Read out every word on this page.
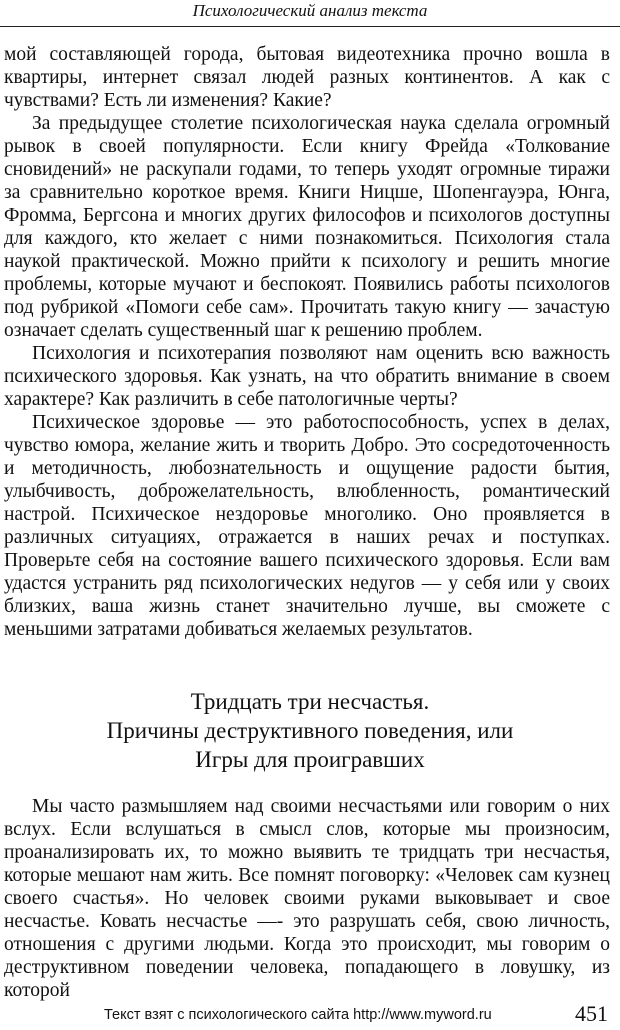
Психологический анализ текста

мой составляющей города, бытовая видеотехника прочно вошла в квартиры, интернет связал людей разных континентов. А как с чувствами? Есть ли изменения? Какие?

За предыдущее столетие психологическая наука сделала огромный рывок в своей популярности. Если книгу Фрейда «Толкование сновидений» не раскупали годами, то теперь уходят огромные тиражи за сравнительно короткое время. Книги Ницше, Шопенгауэра, Юнга, Фромма, Бергсона и многих других философов и психологов доступны для каждого, кто желает с ними познакомиться. Психология стала наукой практической. Можно прийти к психологу и решить многие проблемы, которые мучают и беспокоят. Появились работы психологов под рубрикой «Помоги себе сам». Прочитать такую книгу — зачастую означает сделать существенный шаг к решению проблем.

Психология и психотерапия позволяют нам оценить всю важность психического здоровья. Как узнать, на что обратить внимание в своем характере? Как различить в себе патологичные черты?

Психическое здоровье — это работоспособность, успех в делах, чувство юмора, желание жить и творить Добро. Это сосредоточенность и методичность, любознательность и ощущение радости бытия, улыбчивость, доброжелательность, влюбленность, романтический настрой. Психическое нездоровье многолико. Оно проявляется в различных ситуациях, отражается в наших речах и поступках. Проверьте себя на состояние вашего психического здоровья. Если вам удастся устранить ряд психологических недугов — у себя или у своих близких, ваша жизнь станет значительно лучше, вы сможете с меньшими затратами добиваться желаемых результатов.

Тридцать три несчастья.
Причины деструктивного поведения, или
Игры для проигравших

Мы часто размышляем над своими несчастьями или говорим о них вслух. Если вслушаться в смысл слов, которые мы произносим, проанализировать их, то можно выявить те тридцать три несчастья, которые мешают нам жить. Все помнят поговорку: «Человек сам кузнец своего счастья». Но человек своими руками выковывает и свое несчастье. Ковать несчастье —- это разрушать себя, свою личность, отношения с другими людьми. Когда это происходит, мы говорим о деструктивном поведении человека, попадающего в ловушку, из которой

Текст взят с психологического сайта http://www.myword.ru	451
